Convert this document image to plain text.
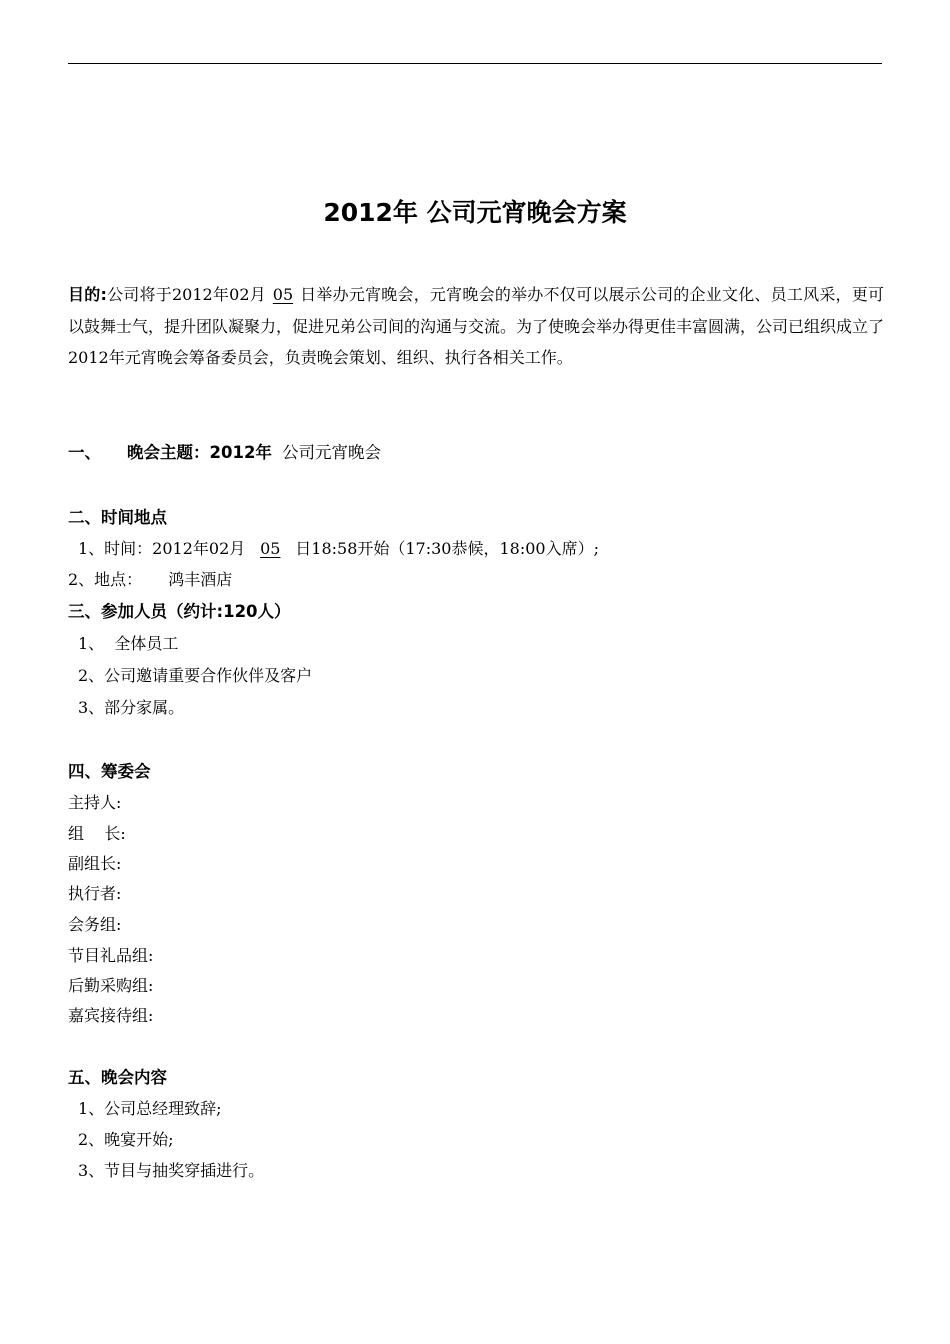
2012年 公司元宵晚会方案
目的:公司将于2012年02月 05 日举办元宵晚会，元宵晚会的举办不仅可以展示公司的企业文化、员工风采，更可以鼓舞士气，提升团队凝聚力，促进兄弟公司间的沟通与交流。为了使晚会举办得更佳丰富圆满，公司已组织成立了2012年元宵晚会筹备委员会，负责晚会策划、组织、执行各相关工作。
一、 晚会主题：2012年 公司元宵晚会
二、时间地点
1、时间：2012年02月 05 日18:58开始（17:30恭候，18:00入席）;
2、地点： 鸿丰酒店
三、参加人员（约计:120人）
1、  全体员工
2、公司邀请重要合作伙伴及客户
3、部分家属。
四、筹委会
主持人:
组    长:
副组长:
执行者:
会务组:
节目礼品组:
后勤采购组:
嘉宾接待组:
五、晚会内容
1、公司总经理致辞;
2、晚宴开始;
3、节目与抽奖穿插进行。
